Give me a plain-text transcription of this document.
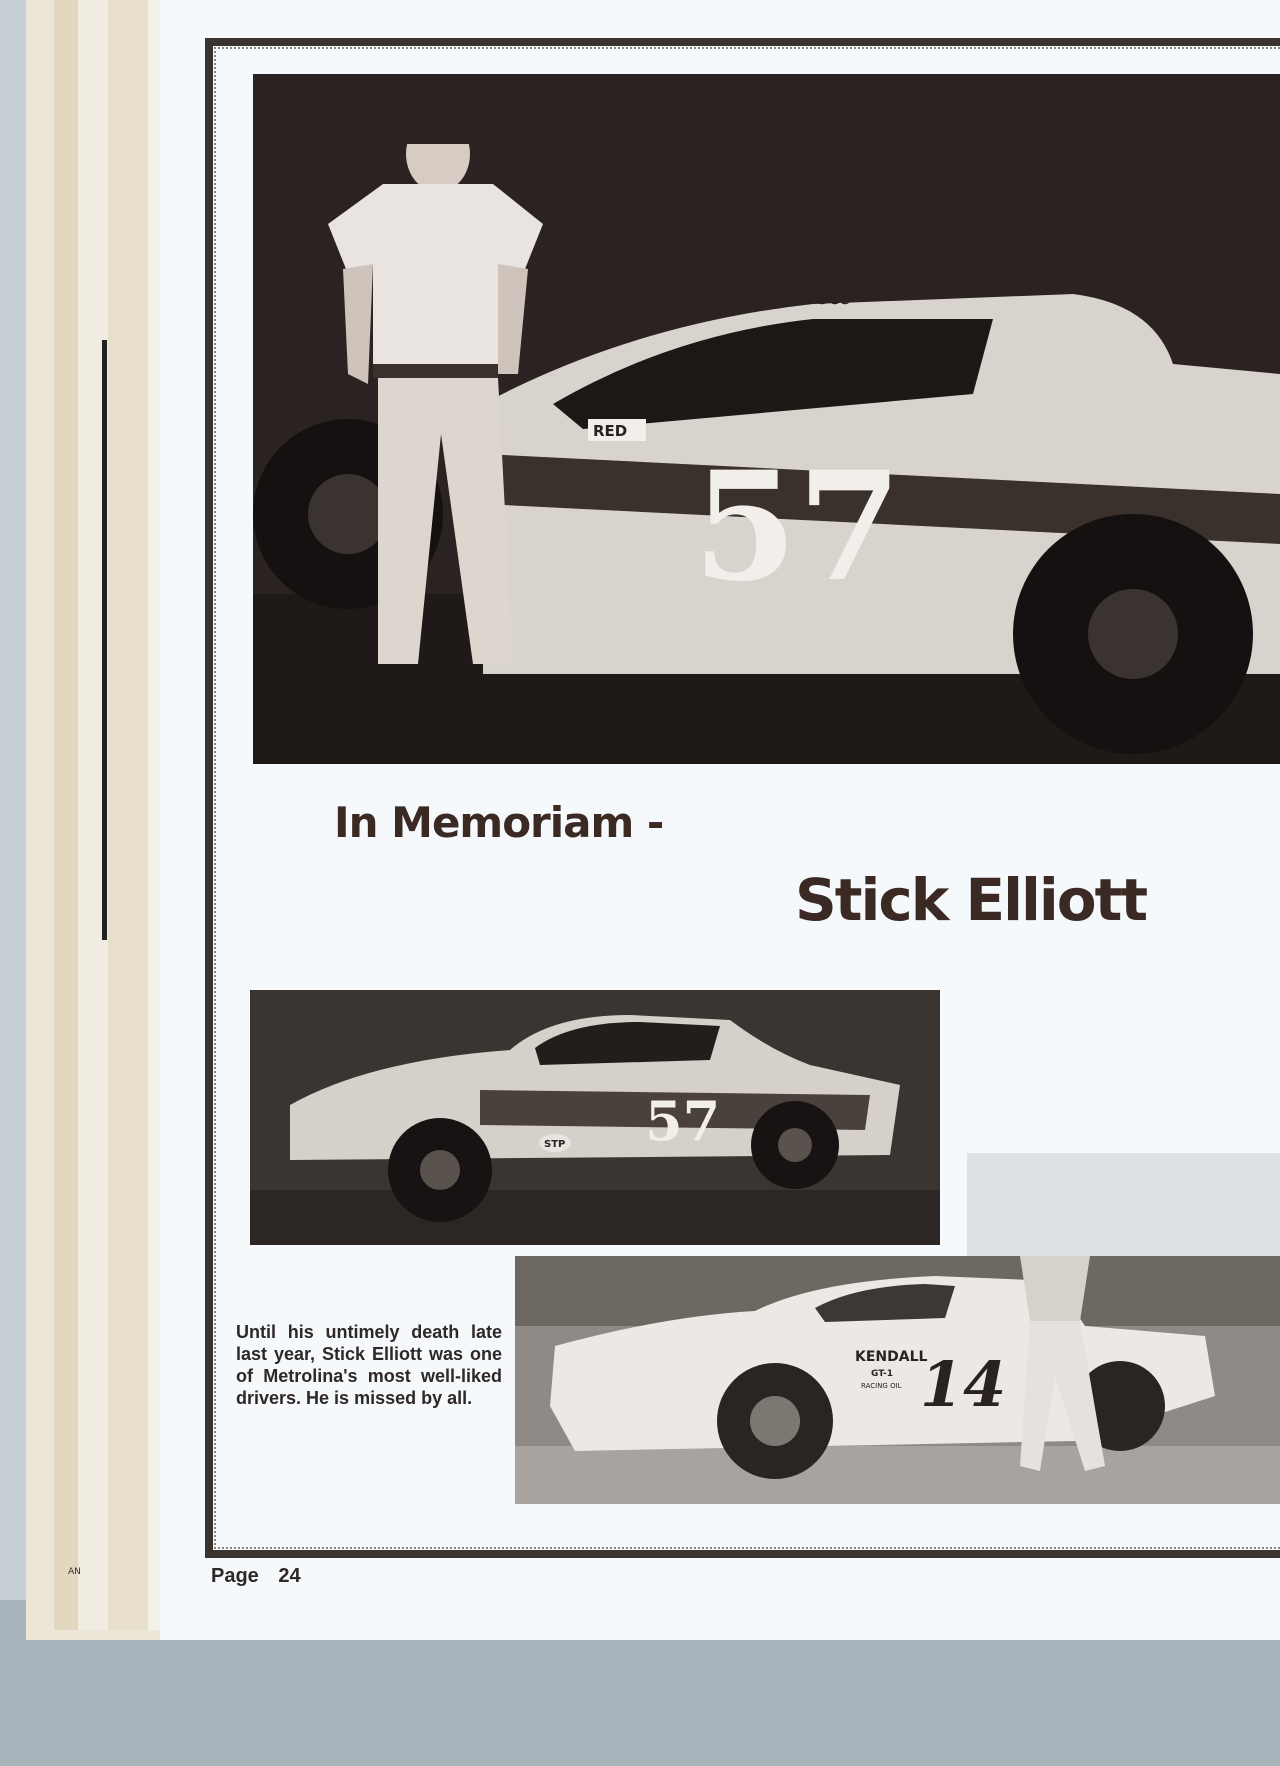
AN
57
Stick Elliott
RED
In Memoriam -
Stick Elliott
57
STP
14
KENDALL
GT-1
RACING OIL

Until his untimely death late last year, Stick Elliott was one of Metrolina's most well-liked drivers. He is missed by all.

Page 24
